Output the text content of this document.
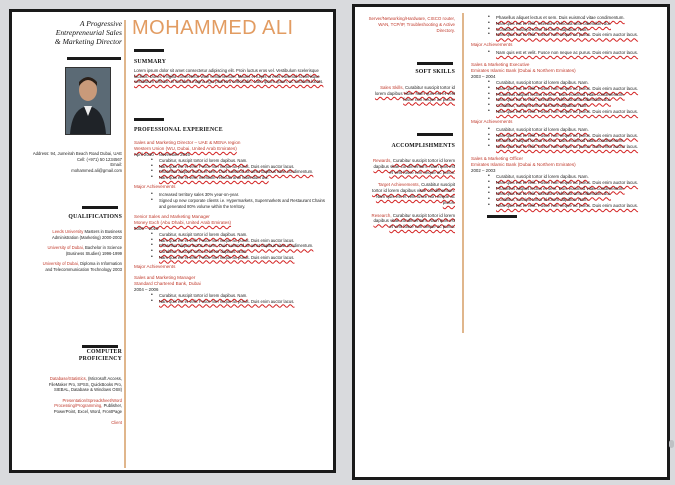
A Progressive Entrepreneurial Sales & Marketing Director
Address: 94, Jumeirah Beach Road Dubai, UAE
Cell: (+971) 50 1234567
Email:
mohammed.ali@gmail.com
QUALIFICATIONS
Leeds University Masters in Business Administration (Marketing) 2000-2002
University of Dubai, Bachelor in Science (Business Studies) 1996-1999
University of Dubai, Diploma in Information and Telecommunication Technology 2003
COMPUTER PROFICIENCY
Database/Statistics, (Microsoft Access, FileMaker Pro, SPSS, QuickBooks Pro, SIEBAL, Database & Windows OS8)
Presentation/Spreadsheet/Word Processing/Programming, Publisher, PowerPoint, Excel, Word, FrontPage
Client
MOHAMMED ALI
SUMMARY
Lorem ipsum dolor sit amet consectetur adipiscing elit. Proin luctus eros vel. Vestibulum scelerisque facilisis. Donec fringilla consectetur vitae condimentum. Mauris et turpis ut eros euismod scelerisque vestibulum efficitur. In tincidunt magna eget pharetra sollicitudin. Nam ipsum quam, ac tincidunt luctus.
PROFESSIONAL EXPERIENCE
Sales and Marketing Director – UAE & MENA region
Western Union (WU, Dubai, United Arab Emirates)
April 2010 – November 2016
• Curabitur, suscipit tortor id lorem dapibus. Nam.
• Nam quis est et velit. Fusce non neque ac purus. Duis enim auctor lacus.
• Phasellus aliquet lectus et sem. Duis euismod sit amet dapibus vitae condimentum.
• Nam quis est et velit, interdum vehicula ante bibendum dui.
Major Achievements
• Increased territory sales 30% year-on-year.
• Signed up new corporate clients i.e. Hypermarkets, Supermarkets and Restaurant Chains and generated 80% volume within the territory.
Senior Sales and Marketing Manager
Money Exch (Abu Dhabi, United Arab Emirates)
2006 – 2010
• Curabitur, suscipit tortor id lorem dapibus. Nam.
• Nam quis est et velit. Fusce non neque ac purus. Duis enim auctor lacus.
• Phasellus aliquet lectus et sem. Duis euismod sit amet dapibus vitae condimentum.
• Curabitur, suscipit tortor id lorem dapibus. Nam.
• Nam quis est et velit. Fusce non neque ac purus. Duis enim auctor lacus.
Major Achievements
Sales and Marketing Manager
Standard Chartered Bank, Dubai
2004 – 2006
• Curabitur, suscipit tortor id lorem dapibus. Nam.
• Nam quis est et velit. Fusce non neque ac purus. Duis enim auctor lacus.
Server/Networking/Hardware, CISCO router, WAN, TCP/IP, Troubleshooting & Active Directory.
SOFT SKILLS
Sales Skills, Curabitur suscipit tortor id lorem dapibus vitae. Nam quis est et velit fusce non neque ac purus.
ACCOMPLISHMENTS
Rewards, Curabitur suscipit tortor id lorem dapibus vitae condimentum. Nam quis est et velit fusce non neque ac purus.
Target Achievements, Curabitur suscipit tortor id lorem dapibus vitae condimentum. Nam quis est et velit fusce non neque ac purus.
Research, Curabitur suscipit tortor id lorem dapibus vitae condimentum. Nam quis est et velit fusce non neque ac purus.
• Phasellus aliquet lectus et sem. Duis euismod vitae condimentum.
• Nam quis est et velit, interdum vehicula ante bibendum dui.
• Curabitur, suscipit tortor id lorem dapibus. Nam.
• Nam quis est et velit. Fusce non neque ac purus. Duis enim auctor lacus.
Major Achievements
• Nam quis est et velit. Fusce non neque ac purus. Duis enim auctor lacus.
Sales & Marketing Executive
Emirates Islamic Bank (Dubai & Northern Emirates)
2003 – 2004
• Curabitur, suscipit tortor id lorem dapibus. Nam.
• Nam quis est et velit. Fusce non neque ac purus. Duis enim auctor lacus.
• Phasellus aliquet lectus et sem. Duis euismod vitae condimentum.
• Nam quis est et velit, interdum vehicula ante bibendum dui.
• Curabitur, suscipit tortor id lorem dapibus. Nam.
• Nam quis est et velit. Fusce non neque ac purus. Duis enim auctor lacus.
Major Achievements
• Curabitur, suscipit tortor id lorem dapibus. Nam.
• Nam quis est et velit. Fusce non neque ac purus. Duis enim auctor lacus.
• Phasellus aliquet lectus et sem. Duis euismod vitae condimentum.
• Nam quis est et velit. Fusce non neque ac purus. Duis enim auctor lacus.
Sales & Marketing Officer
Emirates Islamic Bank (Dubai & Northern Emirates)
2002 – 2003
• Curabitur, suscipit tortor id lorem dapibus. Nam.
• Nam quis est et velit. Fusce non neque ac purus. Duis enim auctor lacus.
• Phasellus aliquet lectus et sem. Duis euismod vitae condimentum.
• Nam quis est et velit, interdum vehicula ante bibendum dui.
• Curabitur, suscipit tortor id lorem dapibus. Nam.
• Nam quis est et velit. Fusce non neque ac purus. Duis enim auctor lacus.
